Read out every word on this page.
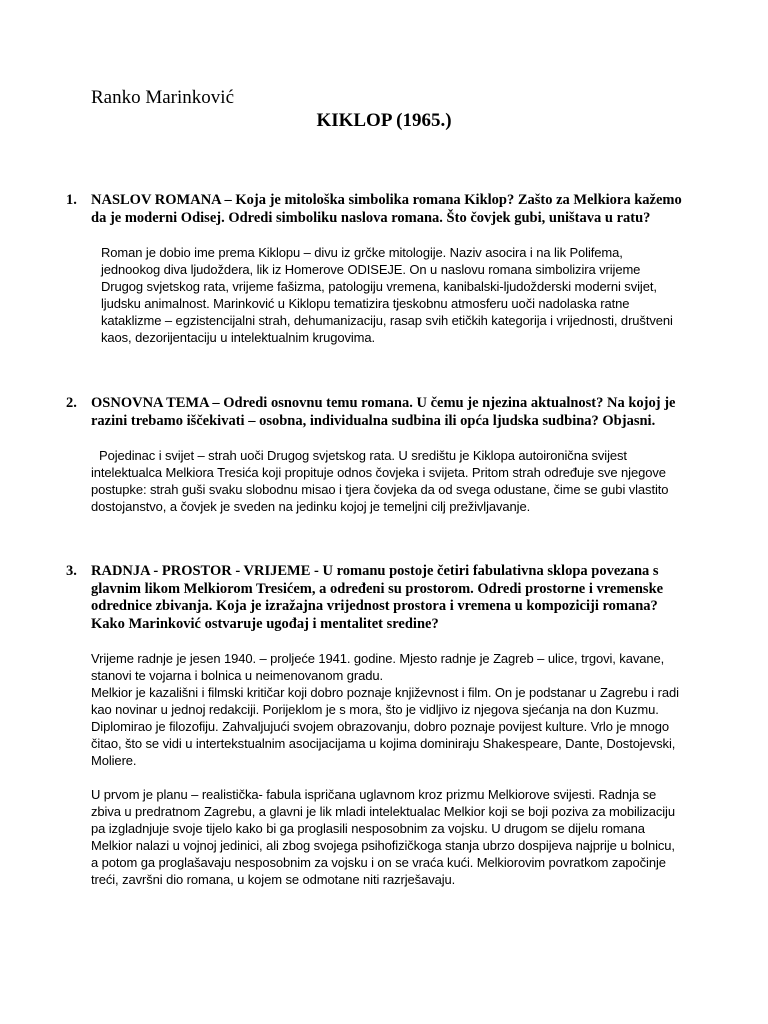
Ranko Marinković
KIKLOP (1965.)
1. NASLOV ROMANA – Koja je mitološka simbolika romana Kiklop? Zašto za Melkiora kažemo da je moderni Odisej. Odredi simboliku naslova romana. Što čovjek gubi, uništava u ratu?

Roman je dobio ime prema Kiklopu – divu iz grčke mitologije. Naziv asocira i na lik Polifema, jednookog diva ljudoždera, lik iz Homerove ODISEJE. On u naslovu romana simbolizira vrijeme Drugog svjetskog rata, vrijeme fašizma, patologiju vremena, kanibalski-ljudožderski moderni svijet, ljudsku animalnost. Marinković u Kiklopu tematizira tjeskobnu atmosferu uoči nadolaska ratne kataklizme – egzistencijalni strah, dehumanizaciju, rasap svih etičkih kategorija i vrijednosti, društveni kaos, dezorijentaciju u intelektualnim krugovima.

2. OSNOVNA TEMA – Odredi osnovnu temu romana. U čemu je njezina aktualnost? Na kojoj je razini trebamo iščekivati – osobna, individualna sudbina ili opća ljudska sudbina? Objasni.

Pojedinac i svijet – strah uoči Drugog svjetskog rata. U središtu je Kiklopa autoironična svijest intelektualca Melkiora Tresića koji propituje odnos čovjeka i svijeta. Pritom strah određuje sve njegove postupke: strah guši svaku slobodnu misao i tjera čovjeka da od svega odustane, čime se gubi vlastito dostojanstvo, a čovjek je sveden na jedinku kojoj je temeljni cilj preživljavanje.

3. RADNJA - PROSTOR - VRIJEME - U romanu postoje četiri fabulativna sklopa povezana s glavnim likom Melkiorom Tresićem, a određeni su prostorom. Odredi prostorne i vremenske odrednice zbivanja. Koja je izražajna vrijednost prostora i vremena u kompoziciji romana? Kako Marinković ostvaruje ugođaj i mentalitet sredine?

Vrijeme radnje je jesen 1940. – proljeće 1941. godine. Mjesto radnje je Zagreb – ulice, trgovi, kavane, stanovi te vojarna i bolnica u neimenovanom gradu.

Melkior je kazališni i filmski kritičar koji dobro poznaje književnost i film. On je podstanar u Zagrebu i radi kao novinar u jednoj redakciji. Porijeklom je s mora, što je vidljivo iz njegova sjećanja na don Kuzmu. Diplomirao je filozofiju. Zahvaljujući svojem obrazovanju, dobro poznaje povijest kulture. Vrlo je mnogo čitao, što se vidi u intertekstualnim asocijacijama u kojima dominiraju Shakespeare, Dante, Dostojevski, Moliere.

U prvom je planu – realistička- fabula ispričana uglavnom kroz prizmu Melkiorove svijesti. Radnja se zbiva u predratnom Zagrebu, a glavni je lik mladi intelektualac Melkior koji se boji poziva za mobilizaciju pa izgladnjuje svoje tijelo kako bi ga proglasili nesposobnim za vojsku. U drugom se dijelu romana Melkior nalazi u vojnoj jedinici, ali zbog svojega psihofizičkoga stanja ubrzo dospijeva najprije u bolnicu, a potom ga proglašavaju nesposobnim za vojsku i on se vraća kući. Melkiorovim povratkom započinje treći, završni dio romana, u kojem se odmotane niti razrješavaju.
